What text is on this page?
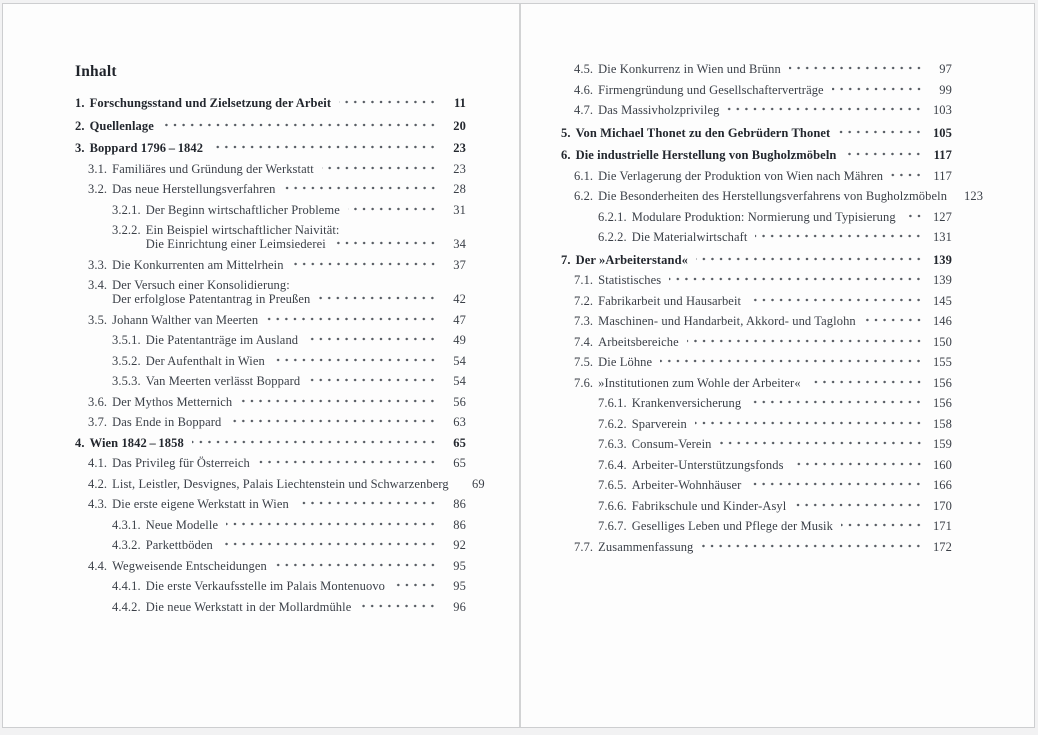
Inhalt
1. Forschungsstand und Zielsetzung der Arbeit	11
2. Quellenlage	20
3. Boppard 1796 – 1842	23
3.1. Familiäres und Gründung der Werkstatt	23
3.2. Das neue Herstellungsverfahren	28
3.2.1. Der Beginn wirtschaftlicher Probleme	31
3.2.2. Ein Beispiel wirtschaftlicher Naivität:
Die Einrichtung einer Leimsiederei	34
3.3. Die Konkurrenten am Mittelrhein	37
3.4. Der Versuch einer Konsolidierung:
Der erfolglose Patentantrag in Preußen	42
3.5. Johann Walther van Meerten	47
3.5.1. Die Patentanträge im Ausland	49
3.5.2. Der Aufenthalt in Wien	54
3.5.3. Van Meerten verlässt Boppard	54
3.6. Der Mythos Metternich	56
3.7. Das Ende in Boppard	63
4. Wien 1842 – 1858	65
4.1. Das Privileg für Österreich	65
4.2. List, Leistler, Desvignes, Palais Liechtenstein und Schwarzenberg	69
4.3. Die erste eigene Werkstatt in Wien	86
4.3.1. Neue Modelle	86
4.3.2. Parkettböden	92
4.4. Wegweisende Entscheidungen	95
4.4.1. Die erste Verkaufsstelle im Palais Montenuovo	95
4.4.2. Die neue Werkstatt in der Mollardmühle	96
4.5. Die Konkurrenz in Wien und Brünn	97
4.6. Firmengründung und Gesellschafterverträge	99
4.7. Das Massivholzprivileg	103
5. Von Michael Thonet zu den Gebrüdern Thonet	105
6. Die industrielle Herstellung von Bugholzmöbeln	117
6.1. Die Verlagerung der Produktion von Wien nach Mähren	117
6.2. Die Besonderheiten des Herstellungsverfahrens von Bugholzmöbeln	123
6.2.1. Modulare Produktion: Normierung und Typisierung	127
6.2.2. Die Materialwirtschaft	131
7. Der »Arbeiterstand«	139
7.1. Statistisches	139
7.2. Fabrikarbeit und Hausarbeit	145
7.3. Maschinen- und Handarbeit, Akkord- und Taglohn	146
7.4. Arbeitsbereiche	150
7.5. Die Löhne	155
7.6. »Institutionen zum Wohle der Arbeiter«	156
7.6.1. Krankenversicherung	156
7.6.2. Sparverein	158
7.6.3. Consum-Verein	159
7.6.4. Arbeiter-Unterstützungsfonds	160
7.6.5. Arbeiter-Wohnhäuser	166
7.6.6. Fabrikschule und Kinder-Asyl	170
7.6.7. Geselliges Leben und Pflege der Musik	171
7.7. Zusammenfassung	172
